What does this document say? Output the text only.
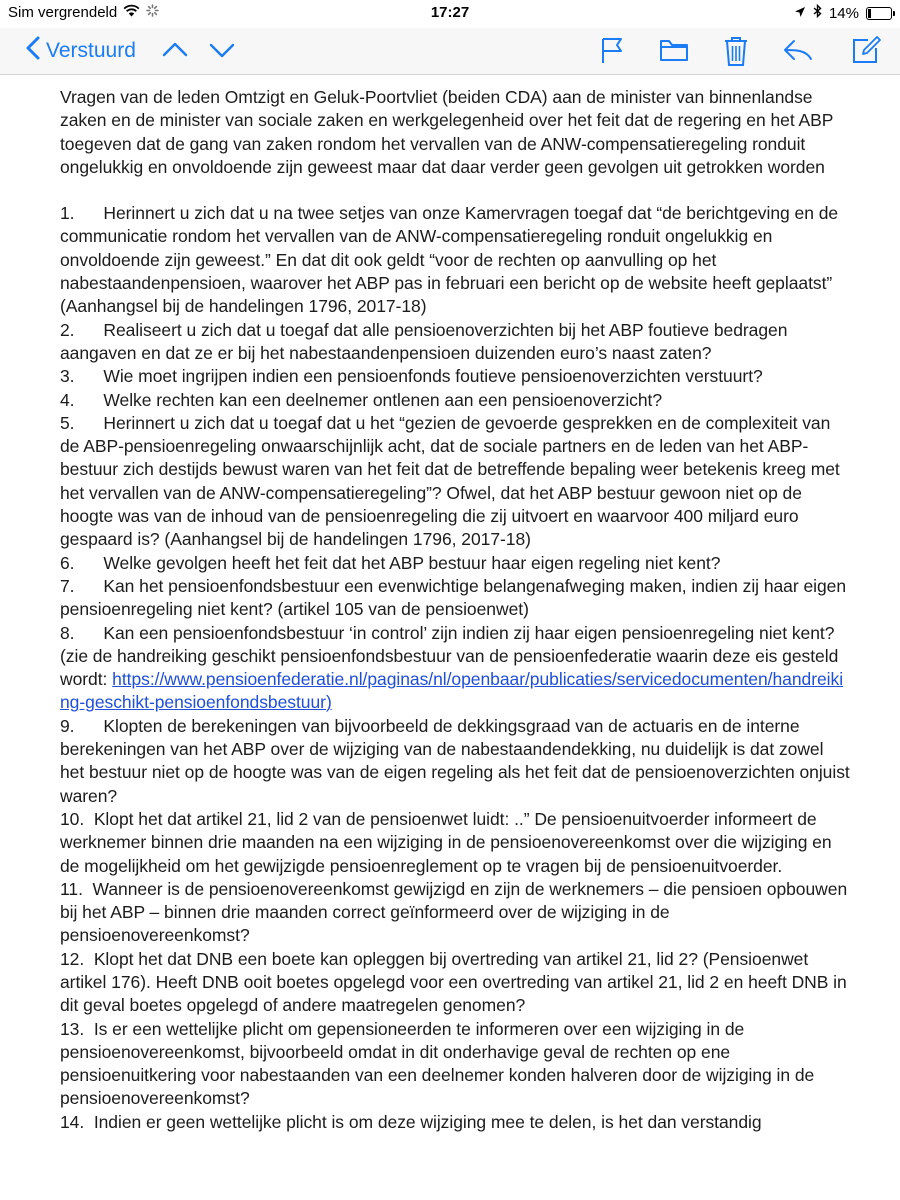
Sim vergrendeld	17:27	14%
Verstuurd

Vragen van de leden Omtzigt en Geluk-Poortvliet (beiden CDA) aan de minister van binnenlandse zaken en de minister van sociale zaken en werkgelegenheid over het feit dat de regering en het ABP toegeven dat de gang van zaken rondom het vervallen van de ANW-compensatieregeling ronduit ongelukkig en onvoldoende zijn geweest maar dat daar verder geen gevolgen uit getrokken worden

1. Herinnert u zich dat u na twee setjes van onze Kamervragen toegaf dat “de berichtgeving en de communicatie rondom het vervallen van de ANW-compensatieregeling ronduit ongelukkig en onvoldoende zijn geweest.” En dat dit ook geldt “voor de rechten op aanvulling op het nabestaandenpensioen, waarover het ABP pas in februari een bericht op de website heeft geplaatst” (Aanhangsel bij de handelingen 1796, 2017-18)

2. Realiseert u zich dat u toegaf dat alle pensioenoverzichten bij het ABP foutieve bedragen aangaven en dat ze er bij het nabestaandenpensioen duizenden euro’s naast zaten?

3. Wie moet ingrijpen indien een pensioenfonds foutieve pensioenoverzichten verstuurt?

4. Welke rechten kan een deelnemer ontlenen aan een pensioenoverzicht?

5. Herinnert u zich dat u toegaf dat u het “gezien de gevoerde gesprekken en de complexiteit van de ABP-pensioenregeling onwaarschijnlijk acht, dat de sociale partners en de leden van het ABP-bestuur zich destijds bewust waren van het feit dat de betreffende bepaling weer betekenis kreeg met het vervallen van de ANW-compensatieregeling”? Ofwel, dat het ABP bestuur gewoon niet op de hoogte was van de inhoud van de pensioenregeling die zij uitvoert en waarvoor 400 miljard euro gespaard is? (Aanhangsel bij de handelingen 1796, 2017-18)

6. Welke gevolgen heeft het feit dat het ABP bestuur haar eigen regeling niet kent?

7. Kan het pensioenfondsbestuur een evenwichtige belangenafweging maken, indien zij haar eigen pensioenregeling niet kent? (artikel 105 van de pensioenwet)

8. Kan een pensioenfondsbestuur ‘in control’ zijn indien zij haar eigen pensioenregeling niet kent? (zie de handreiking geschikt pensioenfondsbestuur van de pensioenfederatie waarin deze eis gesteld wordt: https://www.pensioenfederatie.nl/paginas/nl/openbaar/publicaties/servicedocumenten/handreiking-geschikt-pensioenfondsbestuur)

9. Klopten de berekeningen van bijvoorbeeld de dekkingsgraad van de actuaris en de interne berekeningen van het ABP over de wijziging van de nabestaandendekking, nu duidelijk is dat zowel het bestuur niet op de hoogte was van de eigen regeling als het feit dat de pensioenoverzichten onjuist waren?

10. Klopt het dat artikel 21, lid 2 van de pensioenwet luidt: ..” De pensioenuitvoerder informeert de werknemer binnen drie maanden na een wijziging in de pensioenovereenkomst over die wijziging en de mogelijkheid om het gewijzigde pensioenreglement op te vragen bij de pensioenuitvoerder.

11. Wanneer is de pensioenovereenkomst gewijzigd en zijn de werknemers – die pensioen opbouwen bij het ABP – binnen drie maanden correct geïnformeerd over de wijziging in de pensioenovereenkomst?

12. Klopt het dat DNB een boete kan opleggen bij overtreding van artikel 21, lid 2? (Pensioenwet artikel 176). Heeft DNB ooit boetes opgelegd voor een overtreding van artikel 21, lid 2 en heeft DNB in dit geval boetes opgelegd of andere maatregelen genomen?

13. Is er een wettelijke plicht om gepensioneerden te informeren over een wijziging in de pensioenovereenkomst, bijvoorbeeld omdat in dit onderhavige geval de rechten op ene pensioenuitkering voor nabestaanden van een deelnemer konden halveren door de wijziging in de pensioenovereenkomst?

14. Indien er geen wettelijke plicht is om deze wijziging mee te delen, is het dan verstandig
